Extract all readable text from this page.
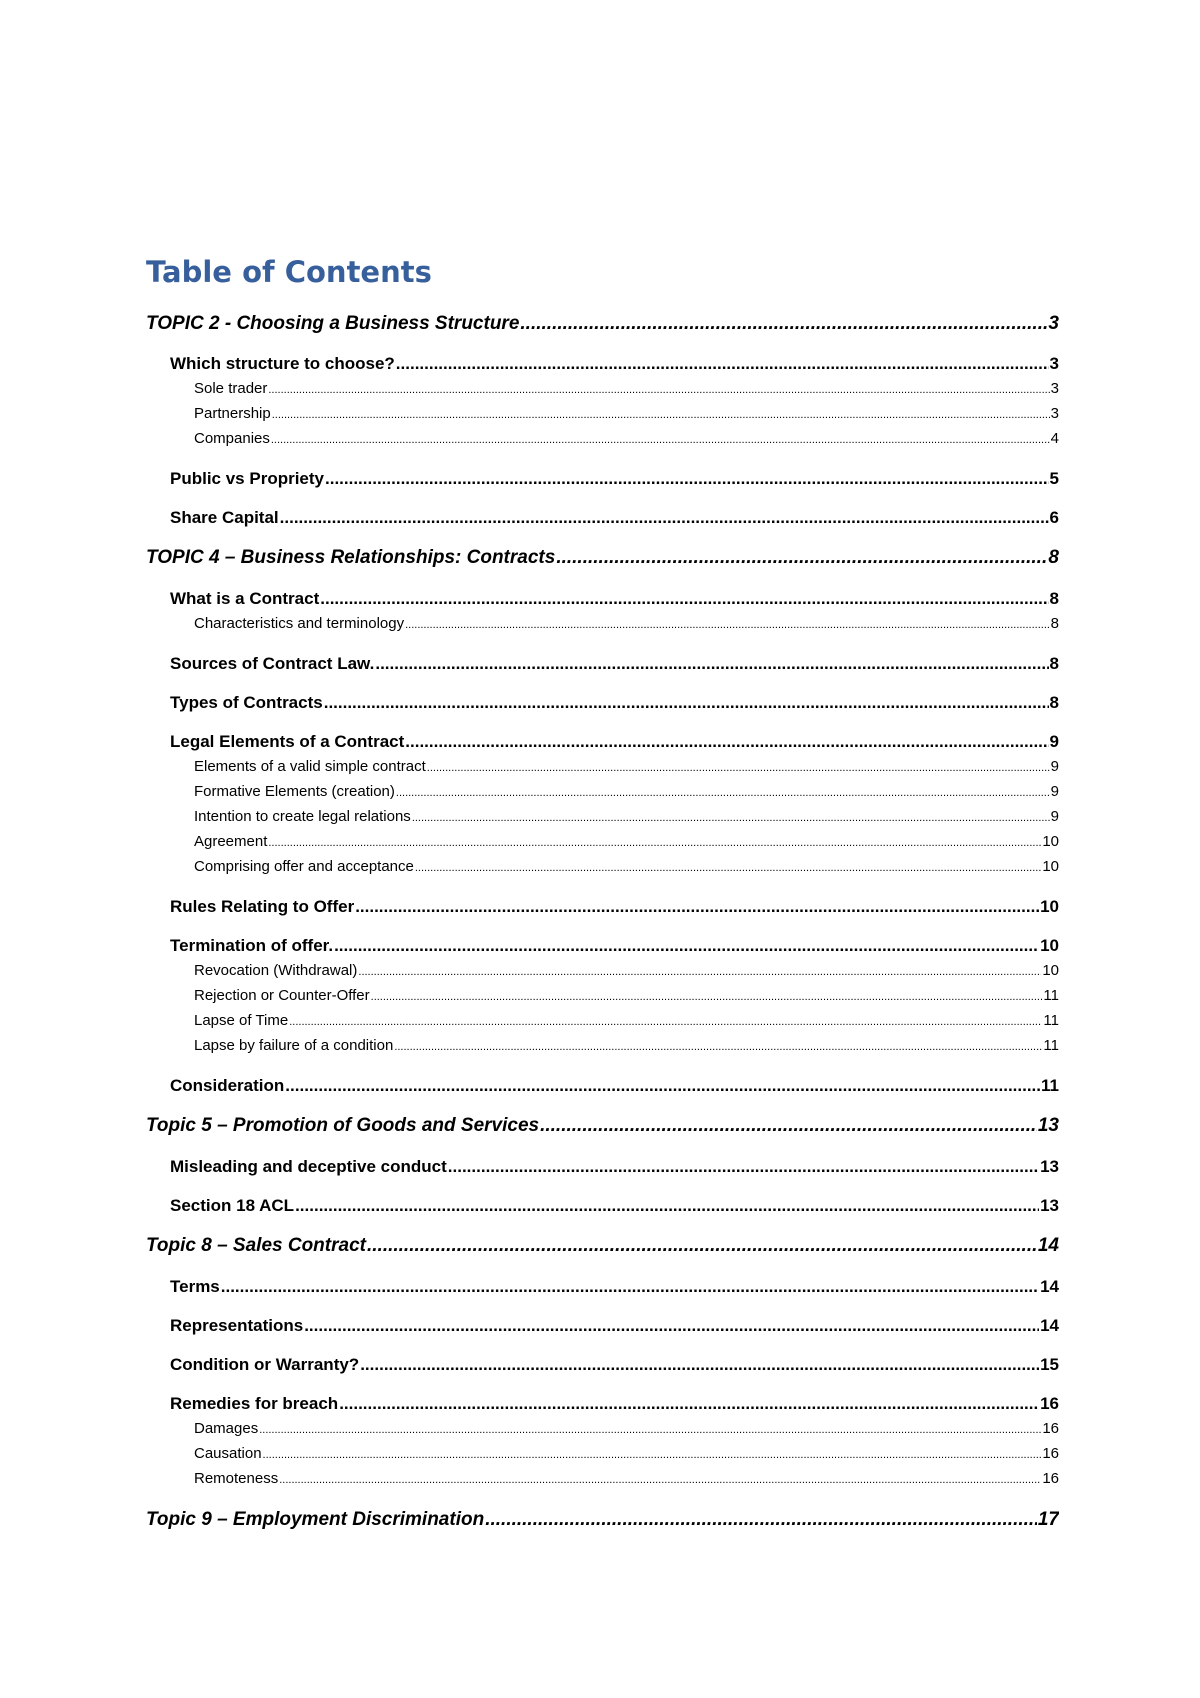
Table of Contents
TOPIC 2 - Choosing a Business Structure .....	3
Which structure to choose? .....	3
Sole trader .....	3
Partnership .....	3
Companies .....	4
Public vs Propriety .....	5
Share Capital .....	6
TOPIC 4 – Business Relationships: Contracts .....	8
What is a Contract .....	8
Characteristics and terminology .....	8
Sources of Contract Law. .....	8
Types of Contracts .....	8
Legal Elements of a Contract .....	9
Elements of a valid simple contract .....	9
Formative Elements (creation) .....	9
Intention to create legal relations .....	9
Agreement .....	10
Comprising offer and acceptance .....	10
Rules Relating to Offer .....	10
Termination of offer. .....	10
Revocation (Withdrawal) .....	10
Rejection or Counter-Offer .....	11
Lapse of Time .....	11
Lapse by failure of a condition .....	11
Consideration .....	11
Topic 5 – Promotion of Goods and Services .....	13
Misleading and deceptive conduct .....	13
Section 18 ACL .....	13
Topic 8 – Sales Contract .....	14
Terms .....	14
Representations .....	14
Condition or Warranty? .....	15
Remedies for breach .....	16
Damages .....	16
Causation .....	16
Remoteness .....	16
Topic 9 – Employment Discrimination .....	17
